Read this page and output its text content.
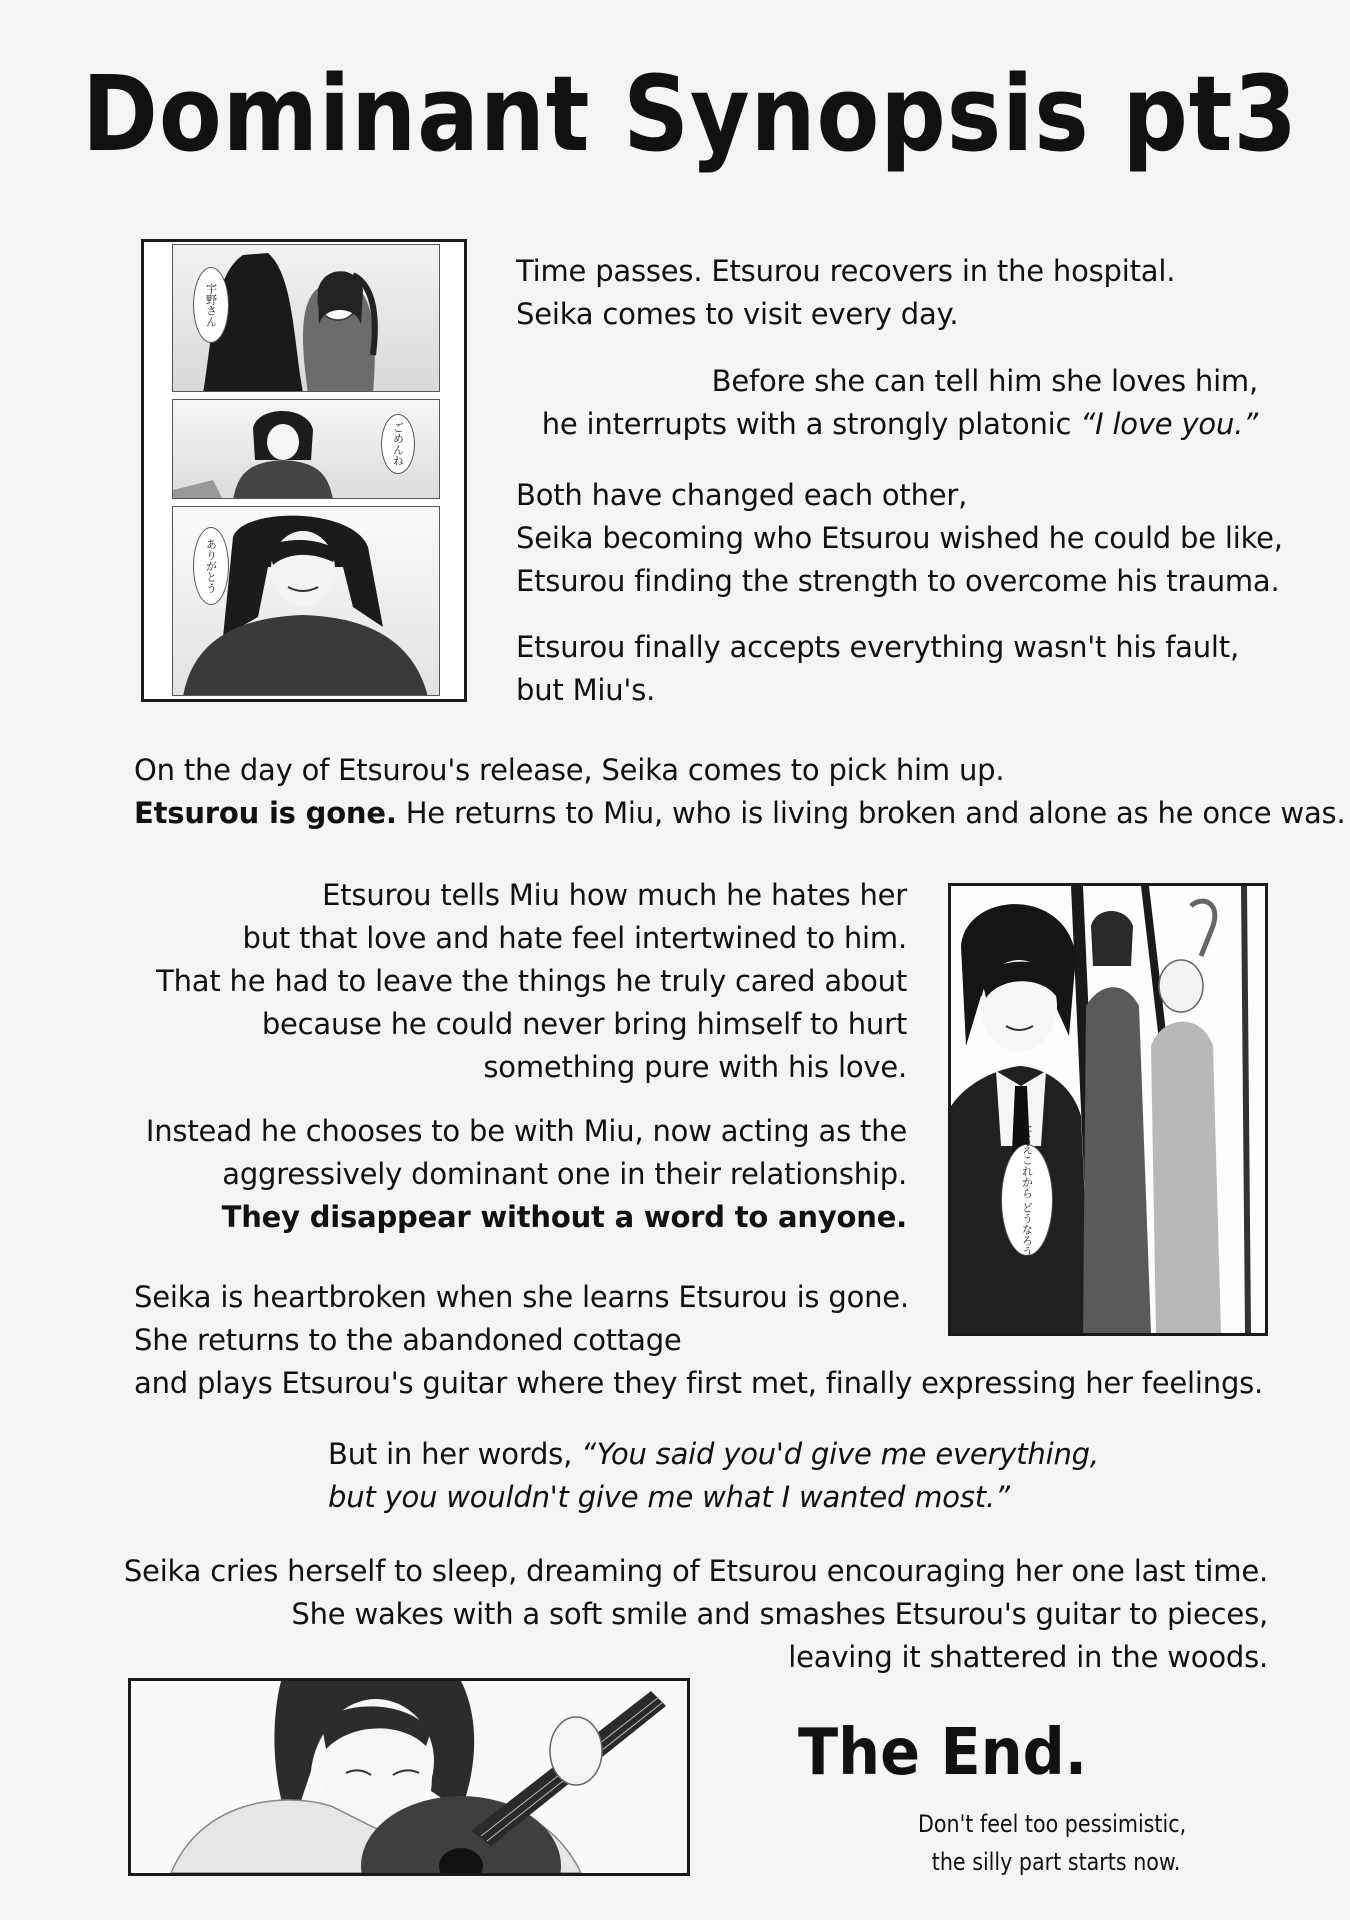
Dominant Synopsis pt3
宇野さん
ごめんね
ありがとう

Time passes. Etsurou recovers in the hospital.

Seika comes to visit every day.

Before she can tell him she loves him,

he interrupts with a strongly platonic “I love you.”

Both have changed each other,

Seika becoming who Etsurou wished he could be like,

Etsurou finding the strength to overcome his trauma.

Etsurou finally accepts everything wasn't his fault,

but Miu's.

On the day of Etsurou's release, Seika comes to pick him up.

Etsurou is gone. He returns to Miu, who is living broken and alone as he once was.

Etsurou tells Miu how much he hates her

but that love and hate feel intertwined to him.

That he had to leave the things he truly cared about

because he could never bring himself to hurt

something pure with his love.

Instead he chooses to be with Miu, now acting as the

aggressively dominant one in their relationship.

They disappear without a word to anyone.	たとえこれから どうなろうとも

Seika is heartbroken when she learns Etsurou is gone.

She returns to the abandoned cottage

and plays Etsurou's guitar where they first met, finally expressing her feelings.

But in her words, “You said you'd give me everything,

but you wouldn't give me what I wanted most.”

Seika cries herself to sleep, dreaming of Etsurou encouraging her one last time.

She wakes with a soft smile and smashes Etsurou's guitar to pieces,

leaving it shattered in the woods.

The End.

Don't feel too pessimistic,

the silly part starts now.
